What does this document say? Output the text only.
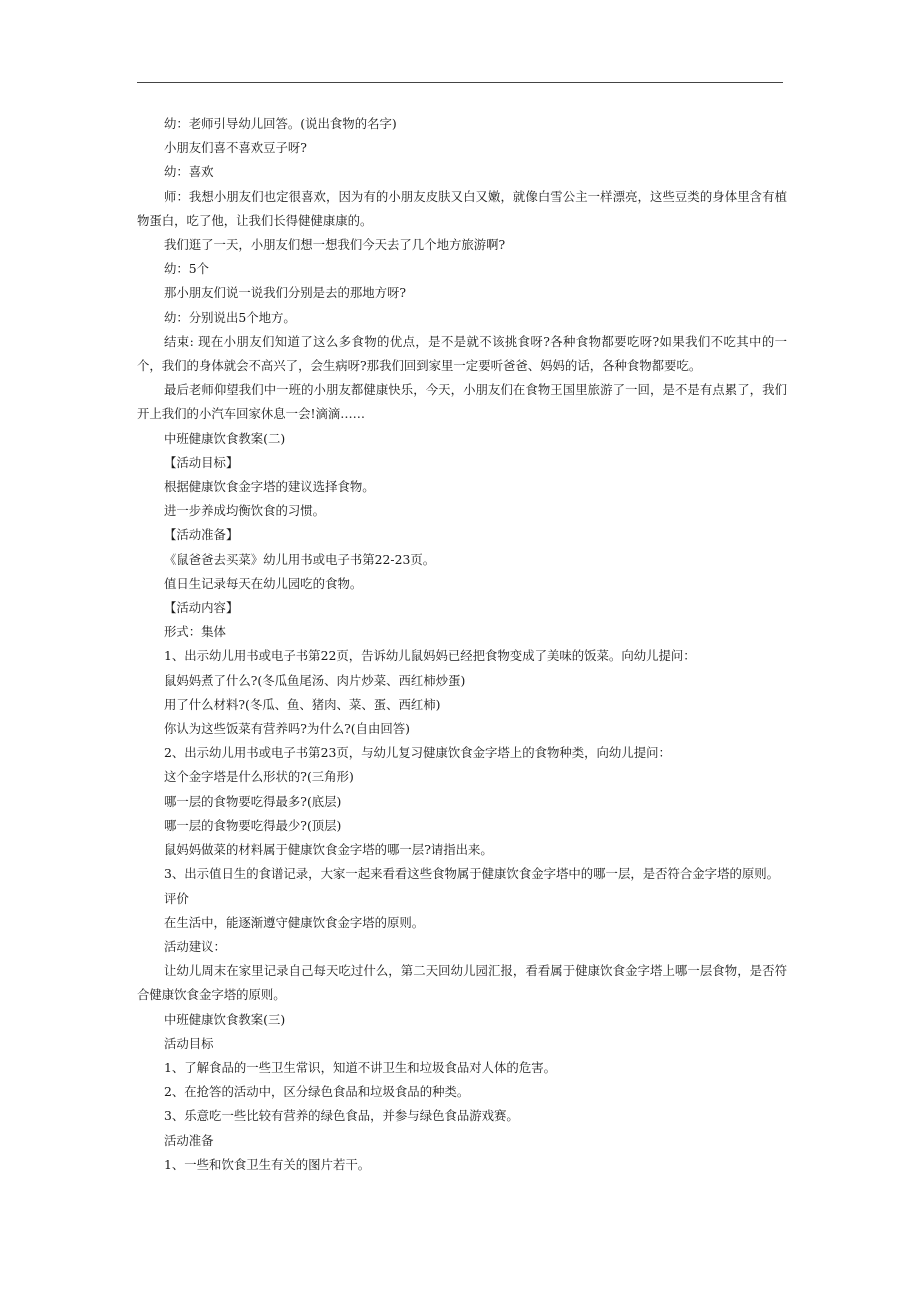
幼：老师引导幼儿回答。(说出食物的名字)

小朋友们喜不喜欢豆子呀?

幼：喜欢

师：我想小朋友们也定很喜欢，因为有的小朋友皮肤又白又嫩，就像白雪公主一样漂亮，这些豆类的身体里含有植物蛋白，吃了他，让我们长得健健康康的。

我们逛了一天，小朋友们想一想我们今天去了几个地方旅游啊?

幼：5个

那小朋友们说一说我们分别是去的那地方呀?

幼：分别说出5个地方。

结束: 现在小朋友们知道了这么多食物的优点，是不是就不该挑食呀?各种食物都要吃呀?如果我们不吃其中的一个，我们的身体就会不高兴了，会生病呀?那我们回到家里一定要听爸爸、妈妈的话，各种食物都要吃。

最后老师仰望我们中一班的小朋友都健康快乐，今天，小朋友们在食物王国里旅游了一回，是不是有点累了，我们开上我们的小汽车回家休息一会!滴滴……

中班健康饮食教案(二)

【活动目标】

根据健康饮食金字塔的建议选择食物。

进一步养成均衡饮食的习惯。

【活动准备】

《鼠爸爸去买菜》幼儿用书或电子书第22-23页。

值日生记录每天在幼儿园吃的食物。

【活动内容】

形式：集体

1、出示幼儿用书或电子书第22页，告诉幼儿鼠妈妈已经把食物变成了美味的饭菜。向幼儿提问：

鼠妈妈煮了什么?(冬瓜鱼尾汤、肉片炒菜、西红柿炒蛋)

用了什么材料?(冬瓜、鱼、猪肉、菜、蛋、西红柿)

你认为这些饭菜有营养吗?为什么?(自由回答)

2、出示幼儿用书或电子书第23页，与幼儿复习健康饮食金字塔上的食物种类，向幼儿提问：

这个金字塔是什么形状的?(三角形)

哪一层的食物要吃得最多?(底层)

哪一层的食物要吃得最少?(顶层)

鼠妈妈做菜的材料属于健康饮食金字塔的哪一层?请指出来。

3、出示值日生的食谱记录，大家一起来看看这些食物属于健康饮食金字塔中的哪一层，是否符合金字塔的原则。

评价

在生活中，能逐渐遵守健康饮食金字塔的原则。

活动建议：

让幼儿周末在家里记录自己每天吃过什么，第二天回幼儿园汇报，看看属于健康饮食金字塔上哪一层食物，是否符合健康饮食金字塔的原则。

中班健康饮食教案(三)

活动目标

1、了解食品的一些卫生常识，知道不讲卫生和垃圾食品对人体的危害。

2、在抢答的活动中，区分绿色食品和垃圾食品的种类。

3、乐意吃一些比较有营养的绿色食品，并参与绿色食品游戏赛。

活动准备

1、一些和饮食卫生有关的图片若干。
